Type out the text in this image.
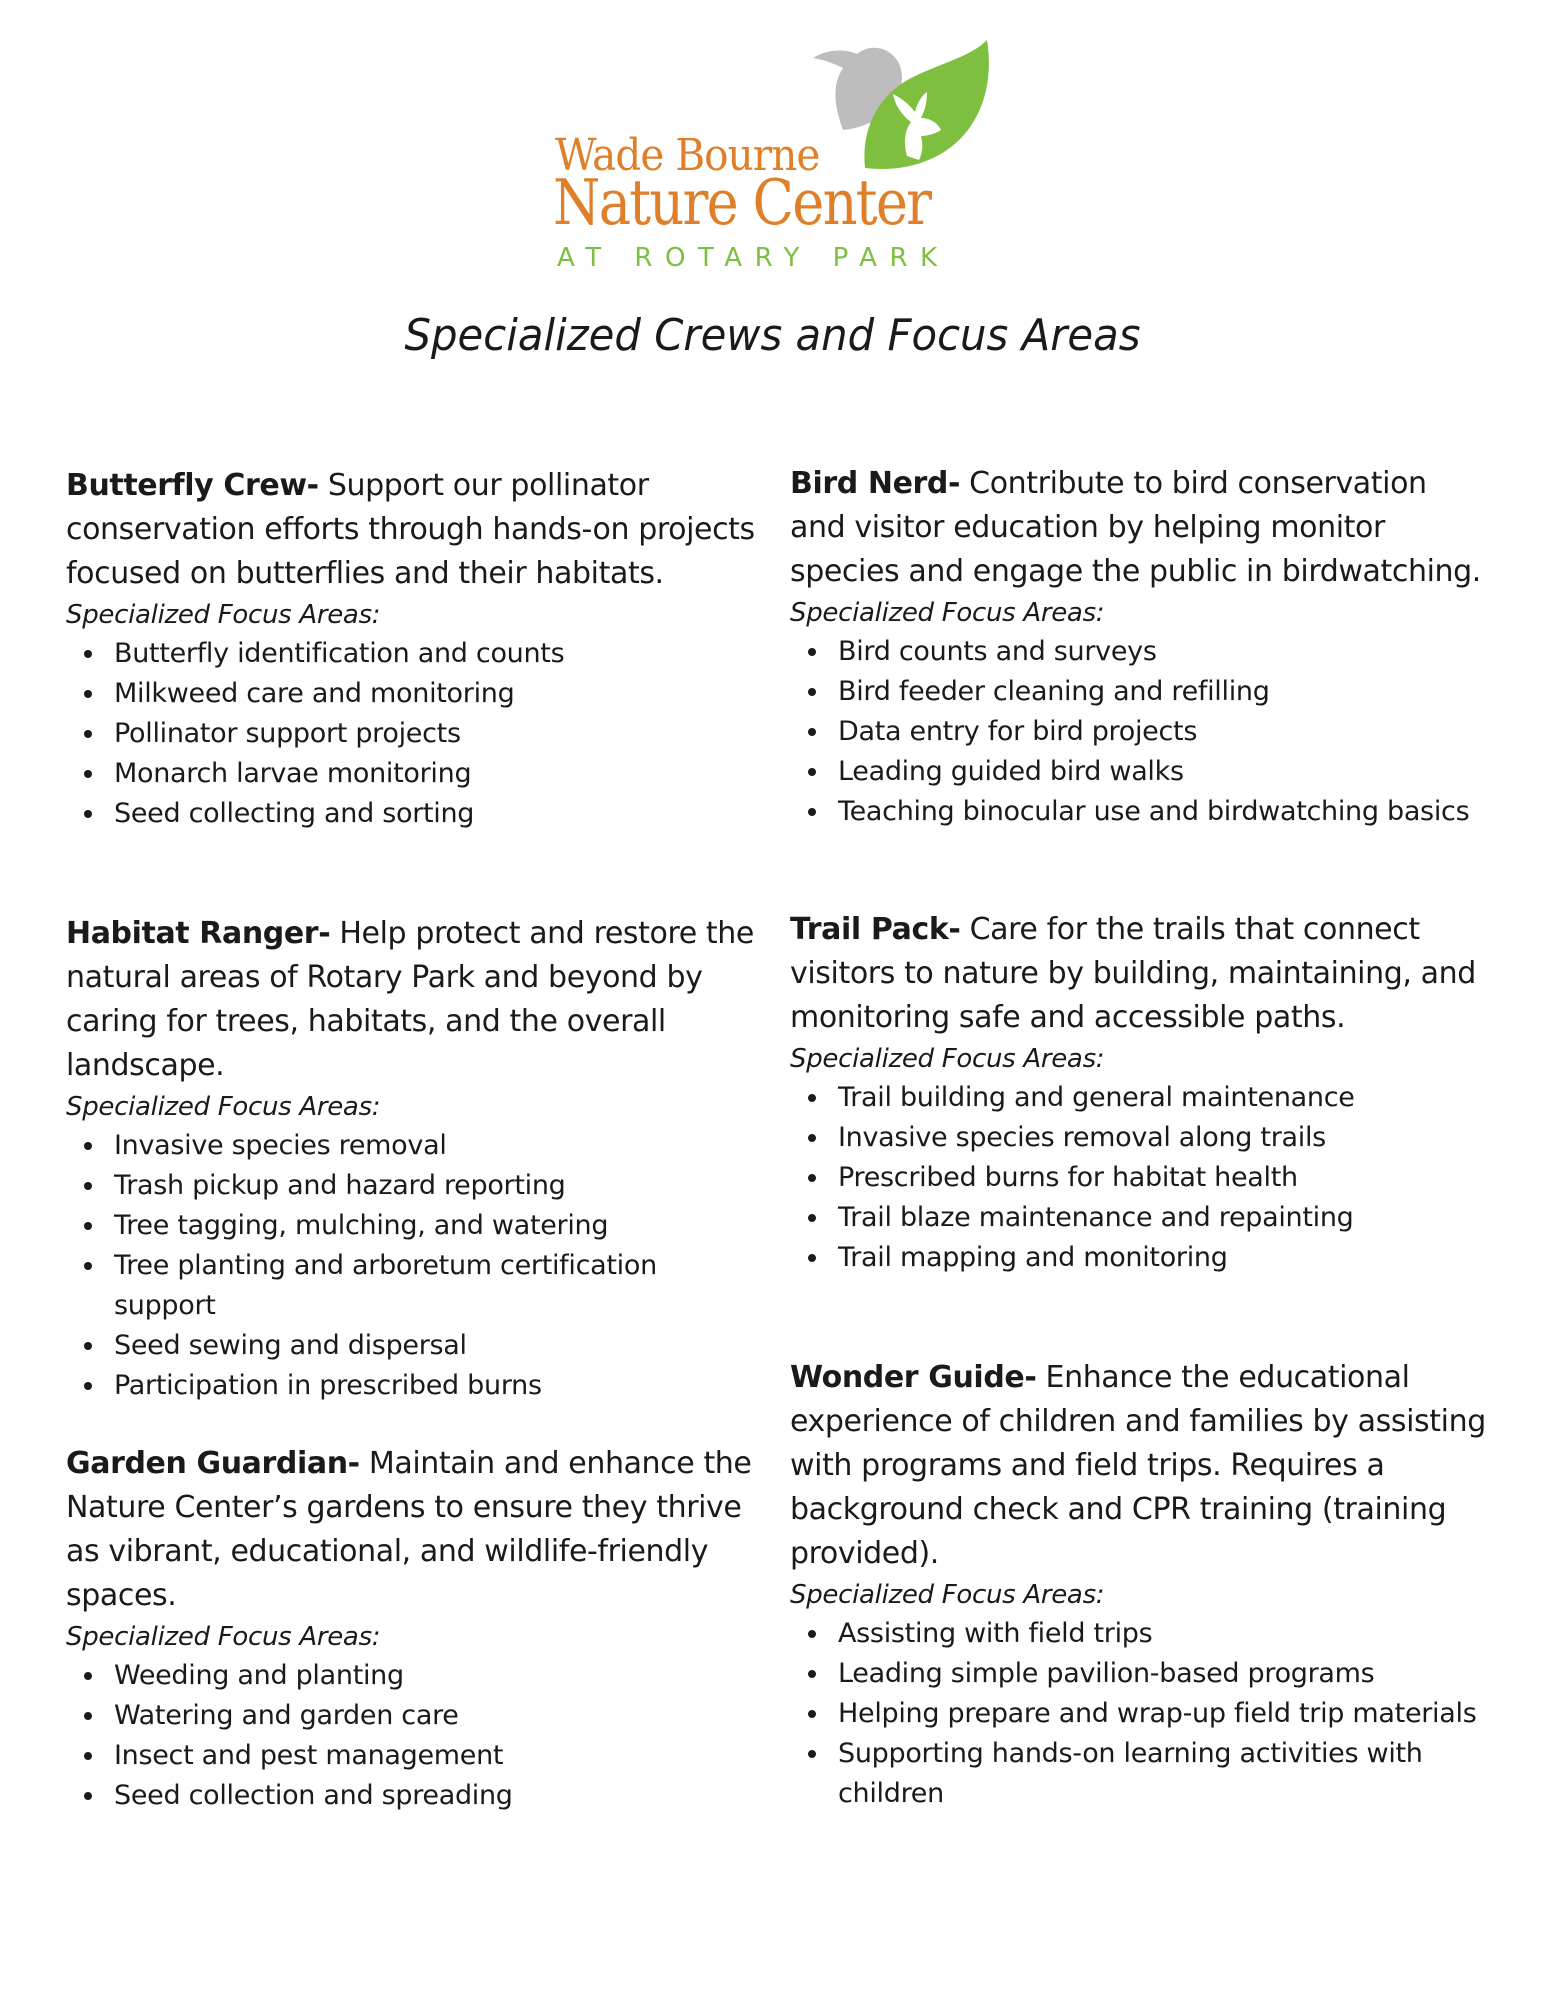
Wade Bourne
Nature Center
AT ROTARY PARK
Specialized Crews and Focus Areas

Butterfly Crew- Support our pollinator conservation efforts through hands-on projects focused on butterflies and their habitats.

Specialized Focus Areas:

Butterfly identification and counts
Milkweed care and monitoring
Pollinator support projects
Monarch larvae monitoring
Seed collecting and sorting

Habitat Ranger- Help protect and restore the natural areas of Rotary Park and beyond by caring for trees, habitats, and the overall landscape.

Specialized Focus Areas:

Invasive species removal
Trash pickup and hazard reporting
Tree tagging, mulching, and watering
Tree planting and arboretum certification support
Seed sewing and dispersal
Participation in prescribed burns

Garden Guardian- Maintain and enhance the Nature Center’s gardens to ensure they thrive as vibrant, educational, and wildlife-friendly spaces.

Specialized Focus Areas:

Weeding and planting
Watering and garden care
Insect and pest management
Seed collection and spreading

Bird Nerd- Contribute to bird conservation and visitor education by helping monitor species and engage the public in birdwatching.

Specialized Focus Areas:

Bird counts and surveys
Bird feeder cleaning and refilling
Data entry for bird projects
Leading guided bird walks
Teaching binocular use and birdwatching basics

Trail Pack- Care for the trails that connect visitors to nature by building, maintaining, and monitoring safe and accessible paths.

Specialized Focus Areas:

Trail building and general maintenance
Invasive species removal along trails
Prescribed burns for habitat health
Trail blaze maintenance and repainting
Trail mapping and monitoring

Wonder Guide- Enhance the educational experience of children and families by assisting with programs and field trips. Requires a background check and CPR training (training provided).

Specialized Focus Areas:

Assisting with field trips
Leading simple pavilion-based programs
Helping prepare and wrap-up field trip materials
Supporting hands-on learning activities with children
